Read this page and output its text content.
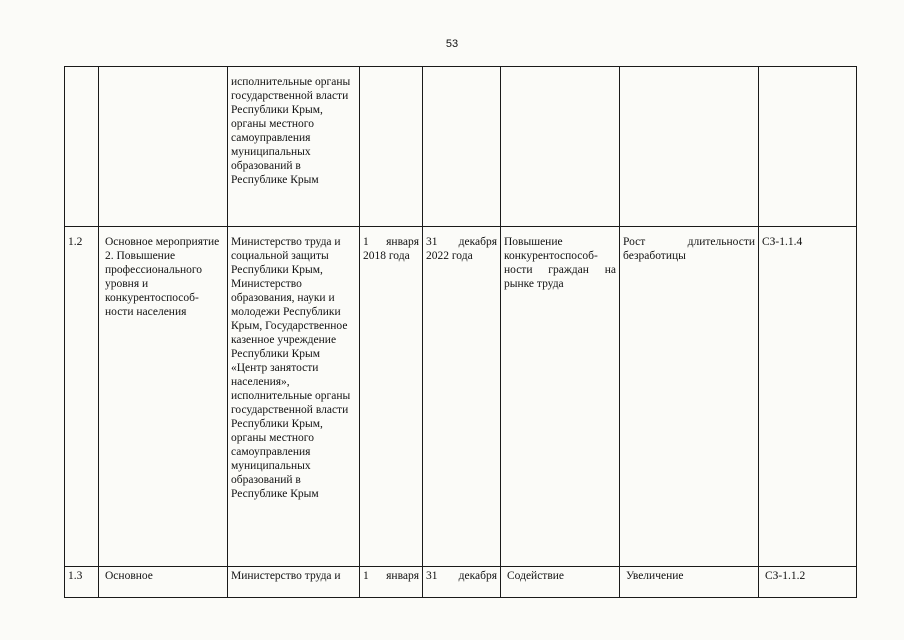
53
		исполнительные органы государственной власти Республики Крым, органы местного самоуправления муниципальных образований в Республике Крым					
1.2	Основное мероприятие 2. Повышение профессионального уровня и конкурентоспособ-ности населения	Министерство труда и социальной защиты Республики Крым, Министерство образования, науки и молодежи Республики Крым, Государственное казенное учреждение Республики Крым «Центр занятости населения», исполнительные органы государственной власти Республики Крым, органы местного самоуправления муниципальных образований в Республике Крым	1 января 2018 года	31 декабря 2022 года	Повышение конкурентоспособ-ности граждан на рынке труда	Рост длительности безработицы	СЗ-1.1.4
1.3	Основное	Министерство труда и	1 января	31 декабря	Содействие	Увеличение	СЗ-1.1.2
